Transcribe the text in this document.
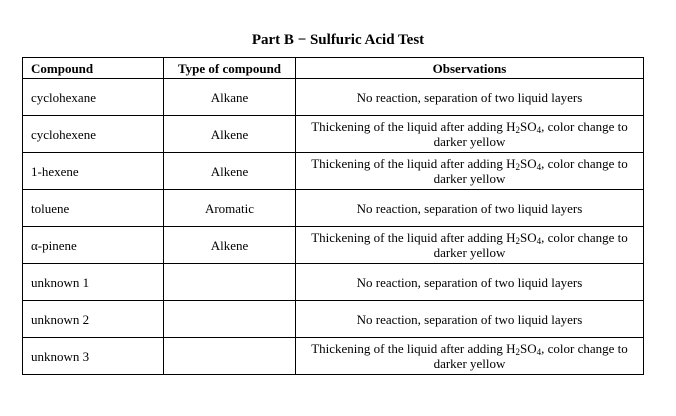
Part B − Sulfuric Acid Test
Compound	Type of compound	Observations
cyclohexane	Alkane	No reaction, separation of two liquid layers
cyclohexene	Alkene	Thickening of the liquid after adding $H_2SO_4$, color change to darker yellow
1-hexene	Alkene	Thickening of the liquid after adding $H_2SO_4$, color change to darker yellow
toluene	Aromatic	No reaction, separation of two liquid layers
α-pinene	Alkene	Thickening of the liquid after adding $H_2SO_4$, color change to darker yellow
unknown 1		No reaction, separation of two liquid layers
unknown 2		No reaction, separation of two liquid layers
unknown 3		Thickening of the liquid after adding $H_2SO_4$, color change to darker yellow
